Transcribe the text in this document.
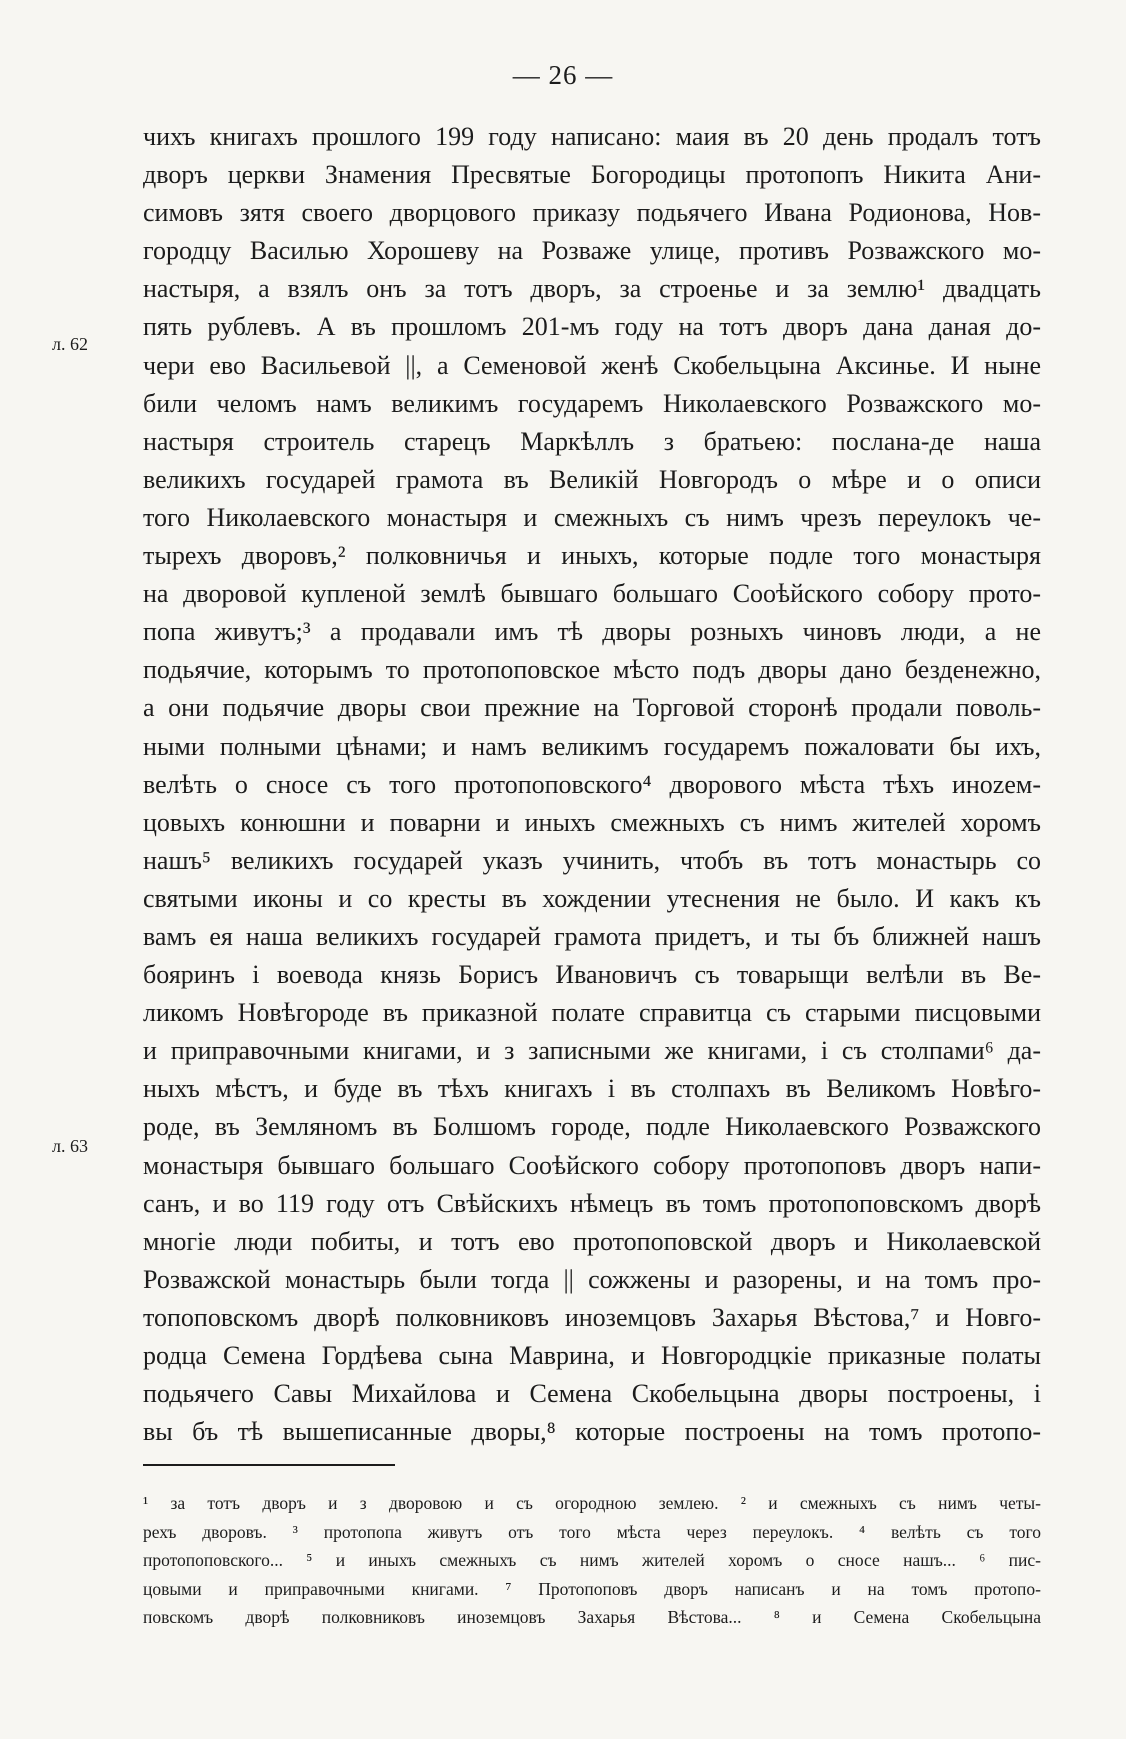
— 26 —
л. 62
л. 63
чихъ книгахъ прошлого 199 году написано: маия въ 20 день продалъ тотъ
дворъ церкви Знамения Пресвятые Богородицы протопопъ Никита Ани-
симовъ зятя своего дворцового приказу подьячего Ивана Родионова, Нов-
городцу Василью Хорошеву на Розваже улице, противъ Розважского мо-
настыря, а взялъ онъ за тотъ дворъ, за строенье и за землю¹ двадцать
пять рублевъ. А въ прошломъ 201-мъ году на тотъ дворъ дана даная до-
чери ево Васильевой ||, а Семеновой женѣ Скобельцына Аксинье. И ныне
били челомъ намъ великимъ государемъ Николаевского Розважского мо-
настыря строитель старецъ Маркѣллъ з братьею: послана-де наша
великихъ государей грамота въ Великій Новгородъ о мѣре и о описи
того Николаевского монастыря и смежныхъ съ нимъ чрезъ переулокъ че-
тырехъ дворовъ,² полковничья и иныхъ, которые подле того монастыря
на дворовой купленой землѣ бывшаго большаго Сооѣйского собору прото-
попа живутъ;³ а продавали имъ тѣ дворы розныхъ чиновъ люди, а не
подьячие, которымъ то протопоповское мѣсто подъ дворы дано безденежно,
а они подьячие дворы свои прежние на Торговой сторонѣ продали поволь-
ными полными цѣнами; и намъ великимъ государемъ пожаловати бы ихъ,
велѣть о сносе съ того протопоповского⁴ дворового мѣста тѣхъ иноzем-
цовыхъ конюшни и поварни и иныхъ смежныхъ съ нимъ жителей хоромъ
нашъ⁵ великихъ государей указъ учинить, чтобъ въ тотъ монастырь со
святыми иконы и со кресты въ хождении утеснения не было. И какъ къ
вамъ ея наша великихъ государей грамота придетъ, и ты бъ ближней нашъ
бояринъ і воевода князь Борисъ Ивановичъ съ товарыщи велѣли въ Ве-
ликомъ Новѣгороде въ приказной полате справитца съ старыми писцовыми
и приправочными книгами, и з записными же книгами, і съ столпами⁶ да-
ныхъ мѣстъ, и буде въ тѣхъ книгахъ і въ столпахъ въ Великомъ Новѣго-
роде, въ Земляномъ въ Болшомъ городе, подле Николаевского Розважского
монастыря бывшаго большаго Сооѣйского собору протопоповъ дворъ напи-
санъ, и во 119 году отъ Свѣйскихъ нѣмецъ въ томъ протопоповскомъ дворѣ
многіе люди побиты, и тотъ ево протопоповской дворъ и Николаевской
Розважской монастырь были тогда || сожжены и разорены, и на томъ про-
топоповскомъ дворѣ полковниковъ иноземцовъ Захарья Вѣстова,⁷ и Новго-
родца Семена Гордѣева сына Маврина, и Новгородцкіе приказные полаты
подьячего Савы Михайлова и Семена Скобельцына дворы построены, і
вы бъ тѣ вышеписанные дворы,⁸ которые построены на томъ протопо-
¹ за тотъ дворъ и з дворовою и съ огородною землею. ² и смежныхъ съ нимъ четы-
рехъ дворовъ. ³ протопопа живутъ отъ того мѣста через переулокъ. ⁴ велѣть съ того
протопоповского... ⁵ и иныхъ смежныхъ съ нимъ жителей хоромъ о сносе нашъ... ⁶ пис-
цовыми и приправочными книгами. ⁷ Протопоповъ дворъ написанъ и на томъ протопо-
повскомъ дворѣ полковниковъ иноземцовъ Захарья Вѣстова... ⁸ и Семена Скобельцына
